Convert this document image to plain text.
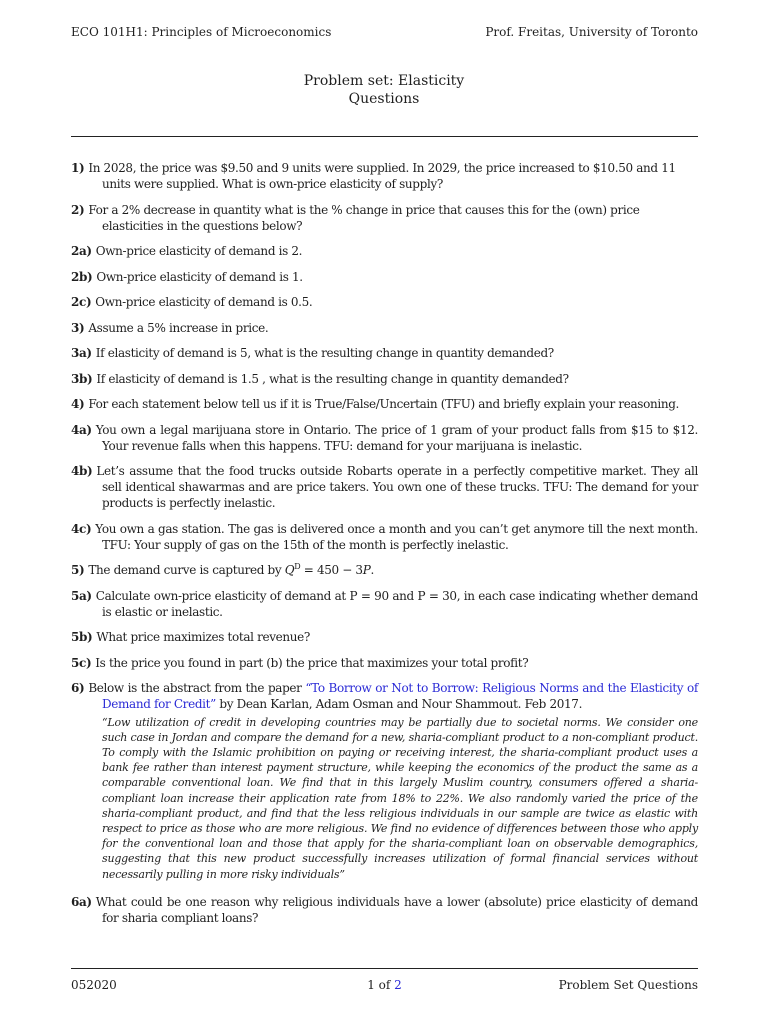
ECO 101H1: Principles of Microeconomics	Prof. Freitas, University of Toronto
Problem set: Elasticity
Questions
1) In 2028, the price was $9.50 and 9 units were supplied. In 2029, the price increased to $10.50 and 11 units were supplied. What is own-price elasticity of supply?
2) For a 2% decrease in quantity what is the % change in price that causes this for the (own) price elasticities in the questions below?
2a) Own-price elasticity of demand is 2.
2b) Own-price elasticity of demand is 1.
2c) Own-price elasticity of demand is 0.5.
3) Assume a 5% increase in price.
3a) If elasticity of demand is 5, what is the resulting change in quantity demanded?
3b) If elasticity of demand is 1.5 , what is the resulting change in quantity demanded?
4) For each statement below tell us if it is True/False/Uncertain (TFU) and briefly explain your reasoning.
4a) You own a legal marijuana store in Ontario. The price of 1 gram of your product falls from $15 to $12. Your revenue falls when this happens. TFU: demand for your marijuana is inelastic.
4b) Let’s assume that the food trucks outside Robarts operate in a perfectly competitive market. They all sell identical shawarmas and are price takers. You own one of these trucks. TFU: The demand for your products is perfectly inelastic.
4c) You own a gas station. The gas is delivered once a month and you can’t get anymore till the next month. TFU: Your supply of gas on the 15th of the month is perfectly inelastic.
5) The demand curve is captured by $Q^D = 450 - 3P$.
5a) Calculate own-price elasticity of demand at P = 90 and P = 30, in each case indicating whether demand is elastic or inelastic.
5b) What price maximizes total revenue?
5c) Is the price you found in part (b) the price that maximizes your total profit?
6) Below is the abstract from the paper “To Borrow or Not to Borrow: Religious Norms and the Elasticity of Demand for Credit” by Dean Karlan, Adam Osman and Nour Shammout. Feb 2017.
“Low utilization of credit in developing countries may be partially due to societal norms. We consider one such case in Jordan and compare the demand for a new, sharia-compliant product to a non-compliant product. To comply with the Islamic prohibition on paying or receiving interest, the sharia-compliant product uses a bank fee rather than interest payment structure, while keeping the economics of the product the same as a comparable conventional loan. We find that in this largely Muslim country, consumers offered a sharia-compliant loan increase their application rate from 18% to 22%. We also randomly varied the price of the sharia-compliant product, and find that the less religious individuals in our sample are twice as elastic with respect to price as those who are more religious. We find no evidence of differences between those who apply for the conventional loan and those that apply for the sharia-compliant loan on observable demographics, suggesting that this new product successfully increases utilization of formal financial services without necessarily pulling in more risky individuals”
6a) What could be one reason why religious individuals have a lower (absolute) price elasticity of demand for sharia compliant loans?
052020	1 of 2	Problem Set Questions
